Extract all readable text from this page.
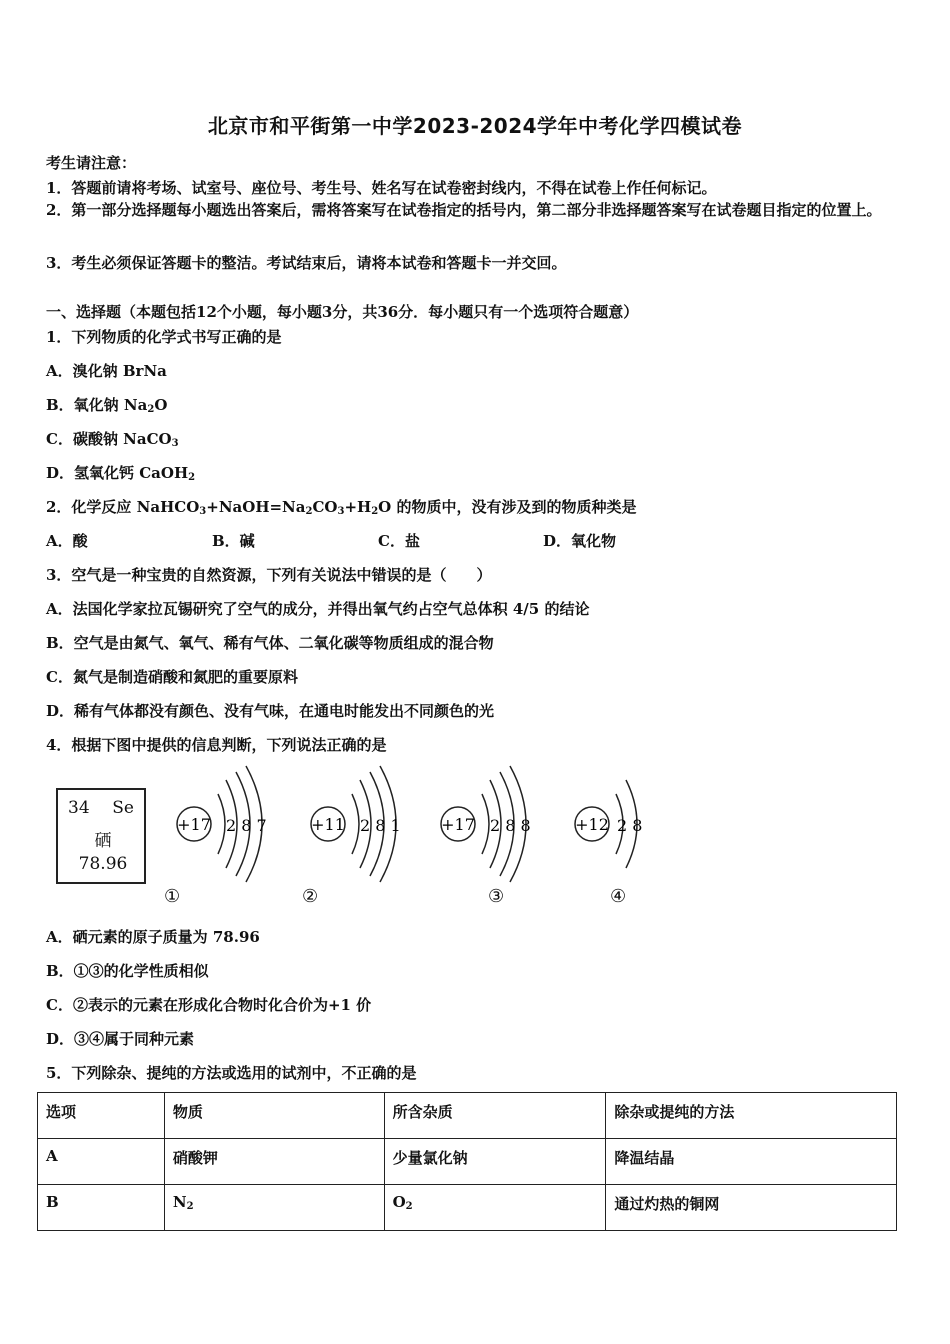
北京市和平街第一中学2023-2024学年中考化学四模试卷
考生请注意：
1．答题前请将考场、试室号、座位号、考生号、姓名写在试卷密封线内，不得在试卷上作任何标记。
2．第一部分选择题每小题选出答案后，需将答案写在试卷指定的括号内，第二部分非选择题答案写在试卷题目指定的位置上。
3．考生必须保证答题卡的整洁。考试结束后，请将本试卷和答题卡一并交回。
一、选择题（本题包括12个小题，每小题3分，共36分．每小题只有一个选项符合题意）
1．下列物质的化学式书写正确的是
A．溴化钠 BrNa
B．氧化钠 $Na_2O$
C．碳酸钠 NaCO$_3$
D．氢氧化钙 CaOH$_2$
2．化学反应 $NaHCO_3+NaOH=Na_2CO_3+H_2O$ 的物质中，没有涉及到的物质种类是
A．酸	B．碱	C．盐	D．氧化物
3．空气是一种宝贵的自然资源，下列有关说法中错误的是（　　）
A．法国化学家拉瓦锡研究了空气的成分，并得出氧气约占空气总体积 4/5 的结论
B．空气是由氮气、氧气、稀有气体、二氧化碳等物质组成的混合物
C．氮气是制造硝酸和氮肥的重要原料
D．稀有气体都没有颜色、没有气味，在通电时能发出不同颜色的光
4．根据下图中提供的信息判断，下列说法正确的是
34 Se
硒
78.96
+17 2 8 7
①
+11 2 8 1
②
+17 2 8 8
③
+12 2 8
④
A．硒元素的原子质量为 78.96
B．①③的化学性质相似
C．②表示的元素在形成化合物时化合价为+1 价
D．③④属于同种元素
5．下列除杂、提纯的方法或选用的试剂中，不正确的是
选项	物质	所含杂质	除杂或提纯的方法
A	硝酸钾	少量氯化钠	降温结晶
B	$N_2$	$O_2$	通过灼热的铜网
